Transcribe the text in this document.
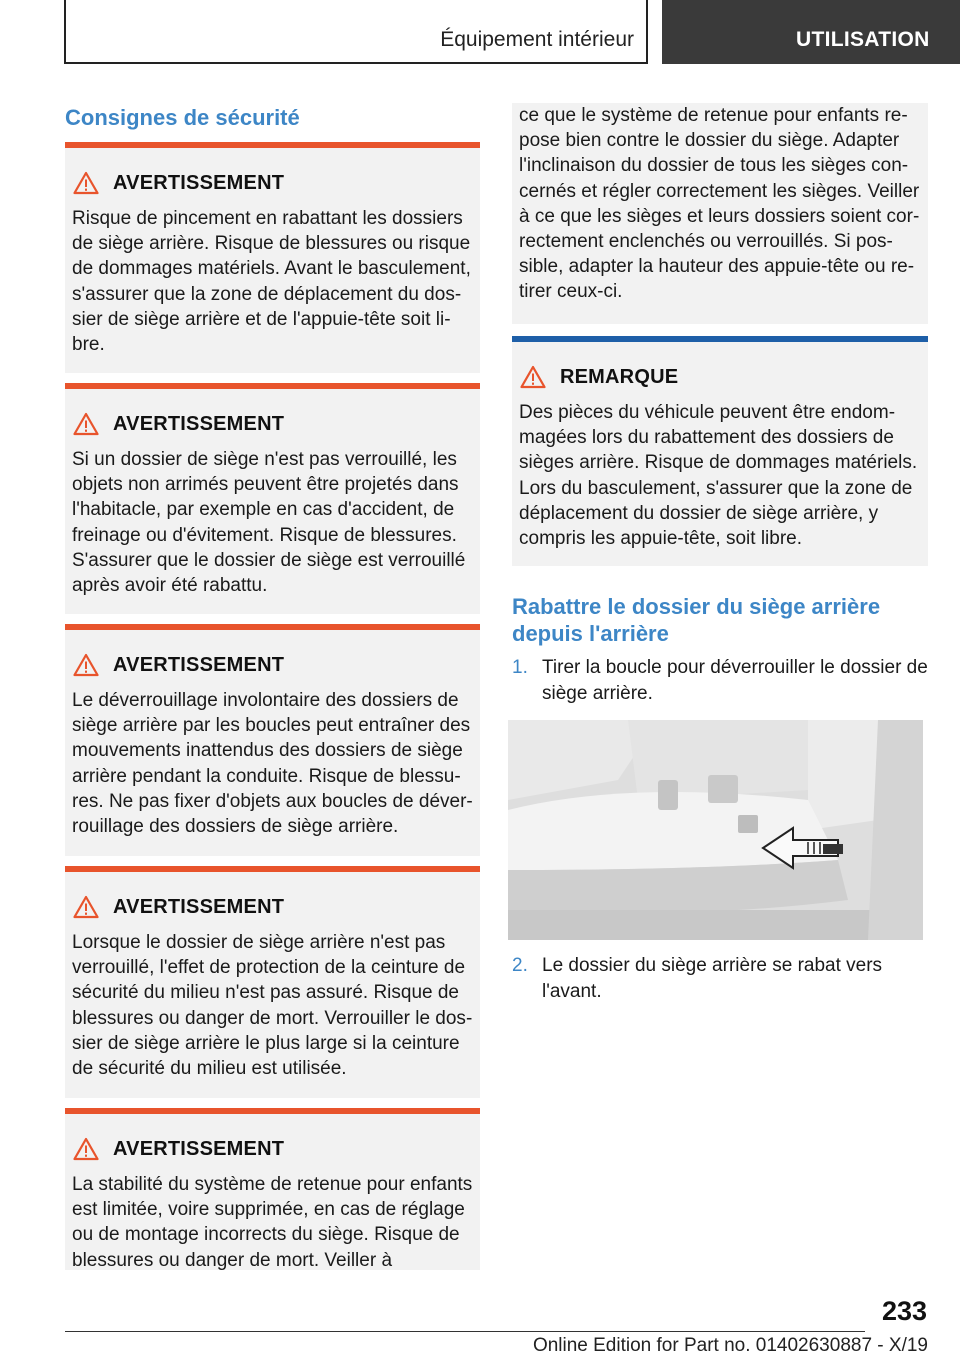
Équipement intérieur	UTILISATION
Consignes de sécurité
AVERTISSEMENT
Risque de pincement en rabattant les dossiers de siège arrière. Risque de blessures ou risque de dommages matériels. Avant le basculement, s'assurer que la zone de déplacement du dossier de siège arrière et de l'appuie-tête soit libre.
AVERTISSEMENT
Si un dossier de siège n'est pas verrouillé, les objets non arrimés peuvent être projetés dans l'habitacle, par exemple en cas d'accident, de freinage ou d'évitement. Risque de blessures. S'assurer que le dossier de siège est verrouillé après avoir été rabattu.
AVERTISSEMENT
Le déverrouillage involontaire des dossiers de siège arrière par les boucles peut entraîner des mouvements inattendus des dossiers de siège arrière pendant la conduite. Risque de blessures. Ne pas fixer d'objets aux boucles de déverrouillage des dossiers de siège arrière.
AVERTISSEMENT
Lorsque le dossier de siège arrière n'est pas verrouillé, l'effet de protection de la ceinture de sécurité du milieu n'est pas assuré. Risque de blessures ou danger de mort. Verrouiller le dossier de siège arrière le plus large si la ceinture de sécurité du milieu est utilisée.
AVERTISSEMENT
La stabilité du système de retenue pour enfants est limitée, voire supprimée, en cas de réglage ou de montage incorrects du siège. Risque de blessures ou danger de mort. Veiller à
ce que le système de retenue pour enfants repose bien contre le dossier du siège. Adapter l'inclinaison du dossier de tous les sièges concernés et régler correctement les sièges. Veiller à ce que les sièges et leurs dossiers soient correctement enclenchés ou verrouillés. Si possible, adapter la hauteur des appuie-tête ou retirer ceux-ci.
REMARQUE
Des pièces du véhicule peuvent être endommagées lors du rabattement des dossiers de sièges arrière. Risque de dommages matériels. Lors du basculement, s'assurer que la zone de déplacement du dossier de siège arrière, y compris les appuie-tête, soit libre.
Rabattre le dossier du siège arrière depuis l'arrière
1. Tirer la boucle pour déverrouiller le dossier de siège arrière.
2. Le dossier du siège arrière se rabat vers l'avant.
233
Online Edition for Part no. 01402630887 - X/19
